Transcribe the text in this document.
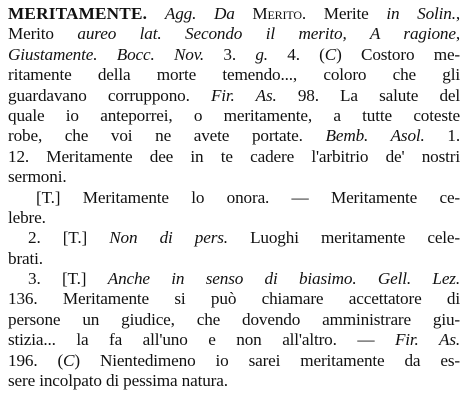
MERITAMENTE. Agg. Da Merito. Merite in Solin.,
Merito aureo lat. Secondo il merito, A ragione,
Giustamente. Bocc. Nov. 3. g. 4. (C) Costoro me-
ritamente della morte temendo..., coloro che gli
guardavano corruppono. Fir. As. 98. La salute del
quale io anteporrei, o meritamente, a tutte coteste
robe, che voi ne avete portate. Bemb. Asol. 1.
12. Meritamente dee in te cadere l'arbitrio de' nostri
sermoni.
[T.] Meritamente lo onora. — Meritamente ce-
lebre.
2. [T.] Non di pers. Luoghi meritamente cele-
brati.
3. [T.] Anche in senso di biasimo. Gell. Lez.
136. Meritamente si può chiamare accettatore di
persone un giudice, che dovendo amministrare giu-
stizia... la fa all'uno e non all'altro. — Fir. As.
196. (C) Nientedimeno io sarei meritamente da es-
sere incolpato di pessima natura.
